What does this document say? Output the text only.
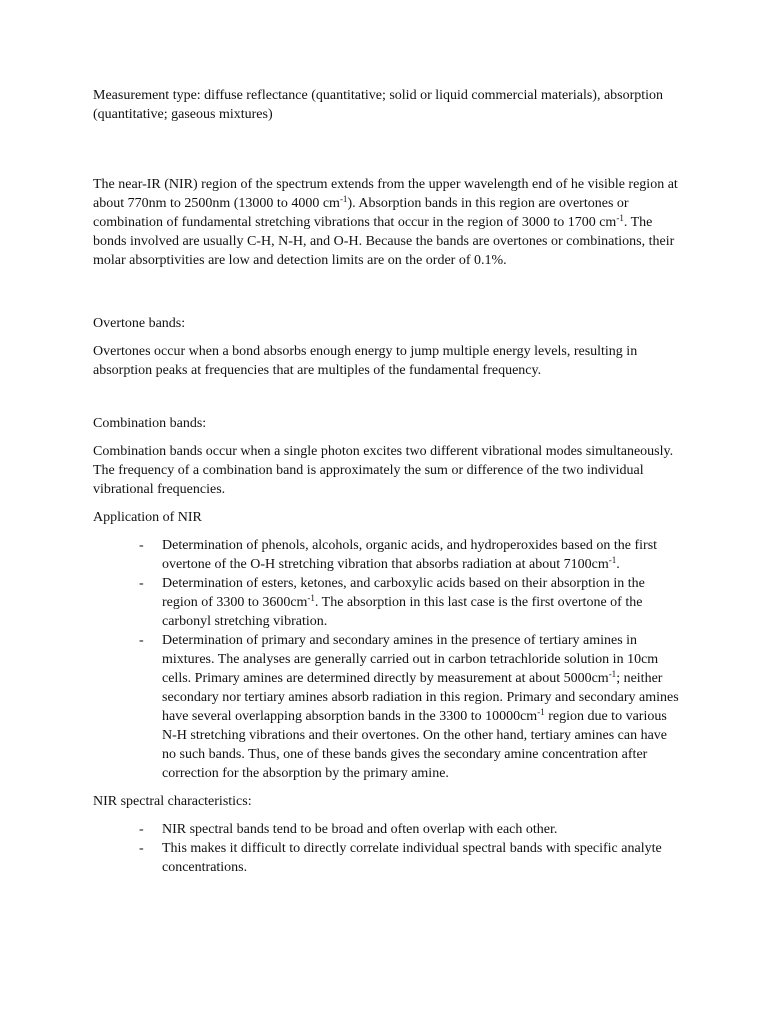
Measurement type: diffuse reflectance (quantitative; solid or liquid commercial materials), absorption (quantitative; gaseous mixtures)

The near-IR (NIR) region of the spectrum extends from the upper wavelength end of he visible region at about 770nm to 2500nm (13000 to 4000 $cm^{-1}$). Absorption bands in this region are overtones or combination of fundamental stretching vibrations that occur in the region of 3000 to 1700 $cm^{-1}$. The bonds involved are usually C-H, N-H, and O-H. Because the bands are overtones or combinations, their molar absorptivities are low and detection limits are on the order of 0.1%.

Overtone bands:

Overtones occur when a bond absorbs enough energy to jump multiple energy levels, resulting in absorption peaks at frequencies that are multiples of the fundamental frequency.

Combination bands:

Combination bands occur when a single photon excites two different vibrational modes simultaneously. The frequency of a combination band is approximately the sum or difference of the two individual vibrational frequencies.

Application of NIR

- Determination of phenols, alcohols, organic acids, and hydroperoxides based on the first overtone of the O-H stretching vibration that absorbs radiation at about $7100cm^{-1}$.
- Determination of esters, ketones, and carboxylic acids based on their absorption in the region of 3300 to $3600cm^{-1}$. The absorption in this last case is the first overtone of the carbonyl stretching vibration.
- Determination of primary and secondary amines in the presence of tertiary amines in mixtures. The analyses are generally carried out in carbon tetrachloride solution in 10cm cells. Primary amines are determined directly by measurement at about $5000cm^{-1}$; neither secondary nor tertiary amines absorb radiation in this region. Primary and secondary amines have several overlapping absorption bands in the 3300 to $10000cm^{-1}$ region due to various N-H stretching vibrations and their overtones. On the other hand, tertiary amines can have no such bands. Thus, one of these bands gives the secondary amine concentration after correction for the absorption by the primary amine.

NIR spectral characteristics:

- NIR spectral bands tend to be broad and often overlap with each other.
- This makes it difficult to directly correlate individual spectral bands with specific analyte concentrations.
